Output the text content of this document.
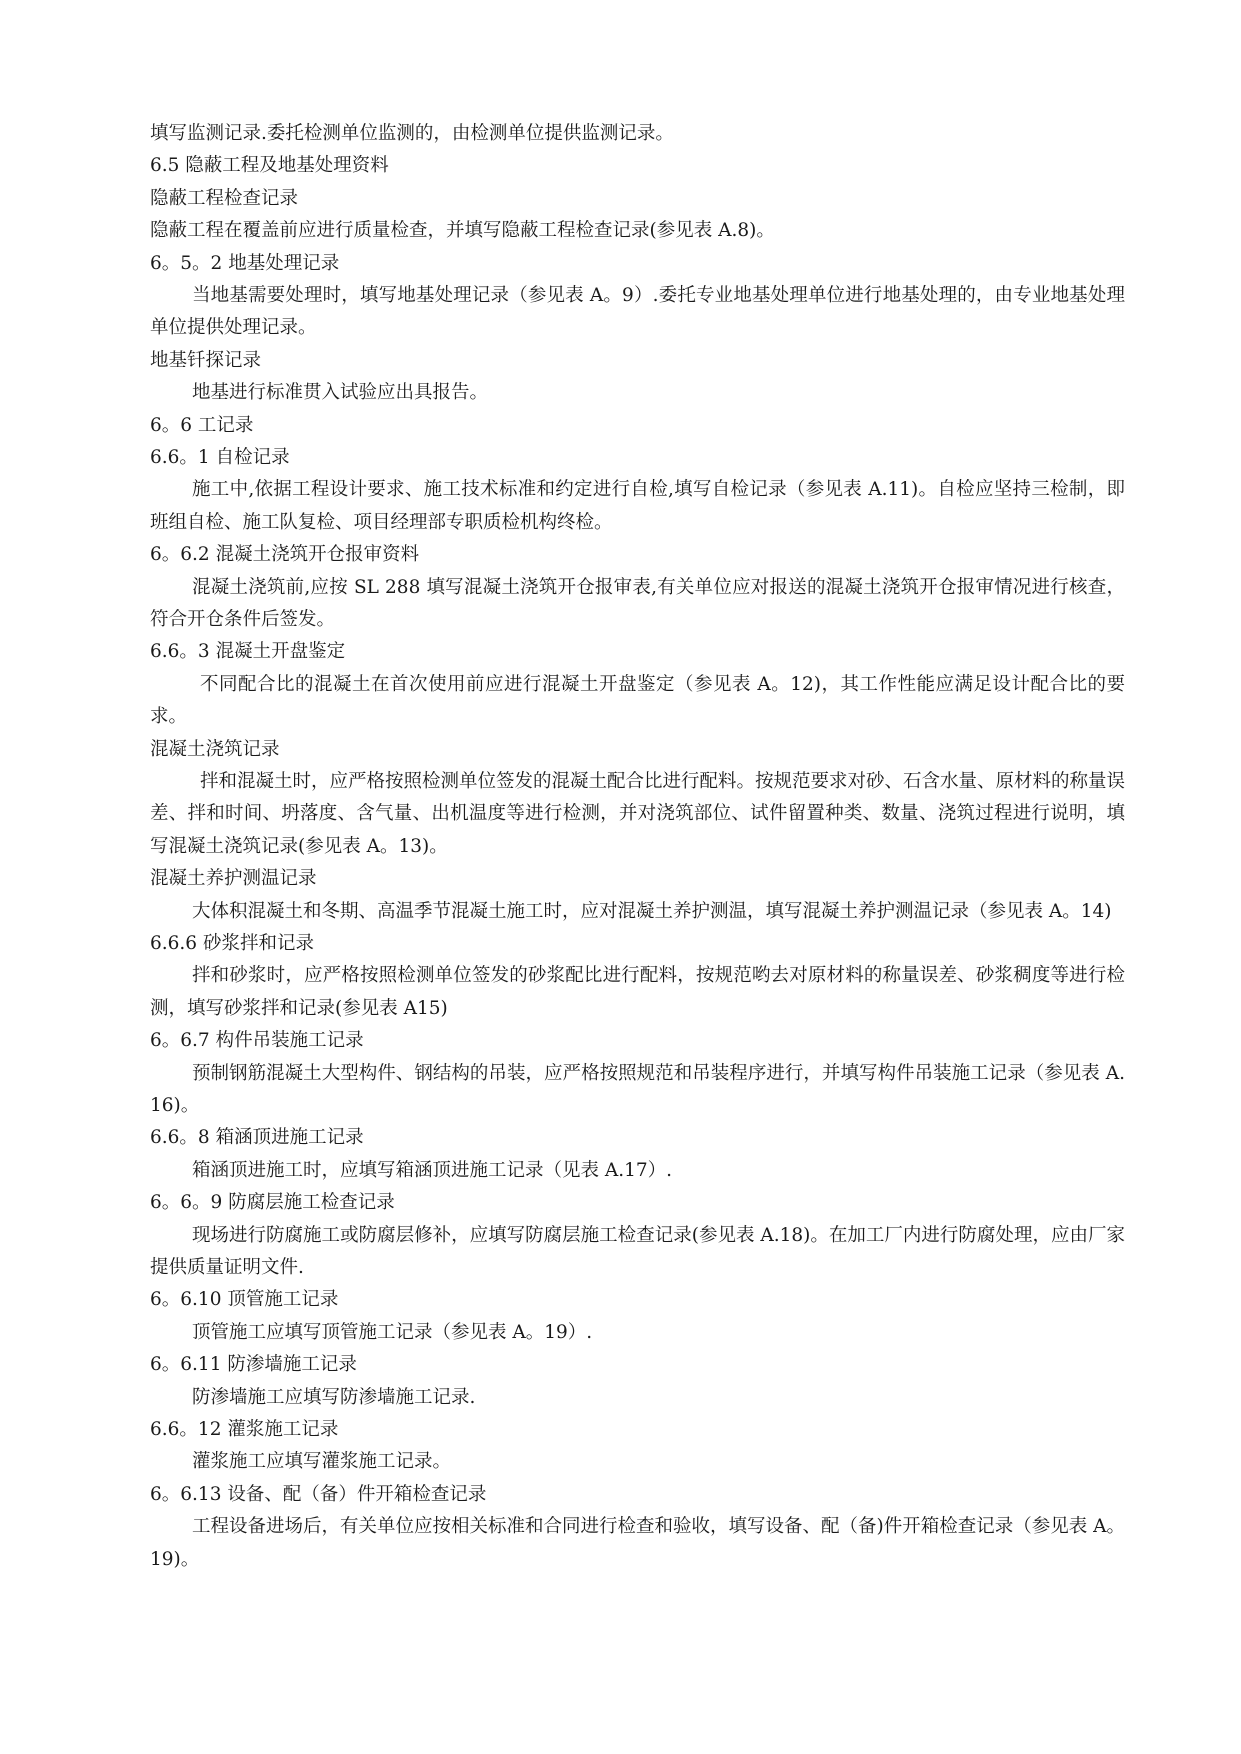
填写监测记录.委托检测单位监测的，由检测单位提供监测记录。
6.5 隐蔽工程及地基处理资料
隐蔽工程检查记录
隐蔽工程在覆盖前应进行质量检查，并填写隐蔽工程检查记录(参见表 A.8)。
6。5。2 地基处理记录
当地基需要处理时，填写地基处理记录（参见表 A。9）.委托专业地基处理单位进行地基处理的，由专业地基处理单位提供处理记录。
地基钎探记录
地基进行标准贯入试验应出具报告。
6。6 工记录
6.6。1 自检记录
施工中,依据工程设计要求、施工技术标准和约定进行自检,填写自检记录（参见表 A.11)。自检应坚持三检制，即班组自检、施工队复检、项目经理部专职质检机构终检。
6。6.2 混凝土浇筑开仓报审资料
混凝土浇筑前,应按 SL 288 填写混凝土浇筑开仓报审表,有关单位应对报送的混凝土浇筑开仓报审情况进行核查，符合开仓条件后签发。
6.6。3 混凝土开盘鉴定
不同配合比的混凝土在首次使用前应进行混凝土开盘鉴定（参见表 A。12)，其工作性能应满足设计配合比的要求。
混凝土浇筑记录
拌和混凝土时，应严格按照检测单位签发的混凝土配合比进行配料。按规范要求对砂、石含水量、原材料的称量误差、拌和时间、坍落度、含气量、出机温度等进行检测，并对浇筑部位、试件留置种类、数量、浇筑过程进行说明，填写混凝土浇筑记录(参见表 A。13)。
混凝土养护测温记录
大体积混凝土和冬期、高温季节混凝土施工时，应对混凝土养护测温，填写混凝土养护测温记录（参见表 A。14)
6.6.6 砂浆拌和记录
拌和砂浆时，应严格按照检测单位签发的砂浆配比进行配料，按规范哟去对原材料的称量误差、砂浆稠度等进行检测，填写砂浆拌和记录(参见表 A15)
6。6.7 构件吊装施工记录
预制钢筋混凝土大型构件、钢结构的吊装，应严格按照规范和吊装程序进行，并填写构件吊装施工记录（参见表 A.16)。
6.6。8 箱涵顶进施工记录
箱涵顶进施工时，应填写箱涵顶进施工记录（见表 A.17）.
6。6。9 防腐层施工检查记录
现场进行防腐施工或防腐层修补，应填写防腐层施工检查记录(参见表 A.18)。在加工厂内进行防腐处理，应由厂家提供质量证明文件.
6。6.10 顶管施工记录
顶管施工应填写顶管施工记录（参见表 A。19）.
6。6.11 防渗墙施工记录
防渗墙施工应填写防渗墙施工记录.
6.6。12 灌浆施工记录
灌浆施工应填写灌浆施工记录。
6。6.13 设备、配（备）件开箱检查记录
工程设备进场后，有关单位应按相关标准和合同进行检查和验收，填写设备、配（备)件开箱检查记录（参见表 A。19)。
